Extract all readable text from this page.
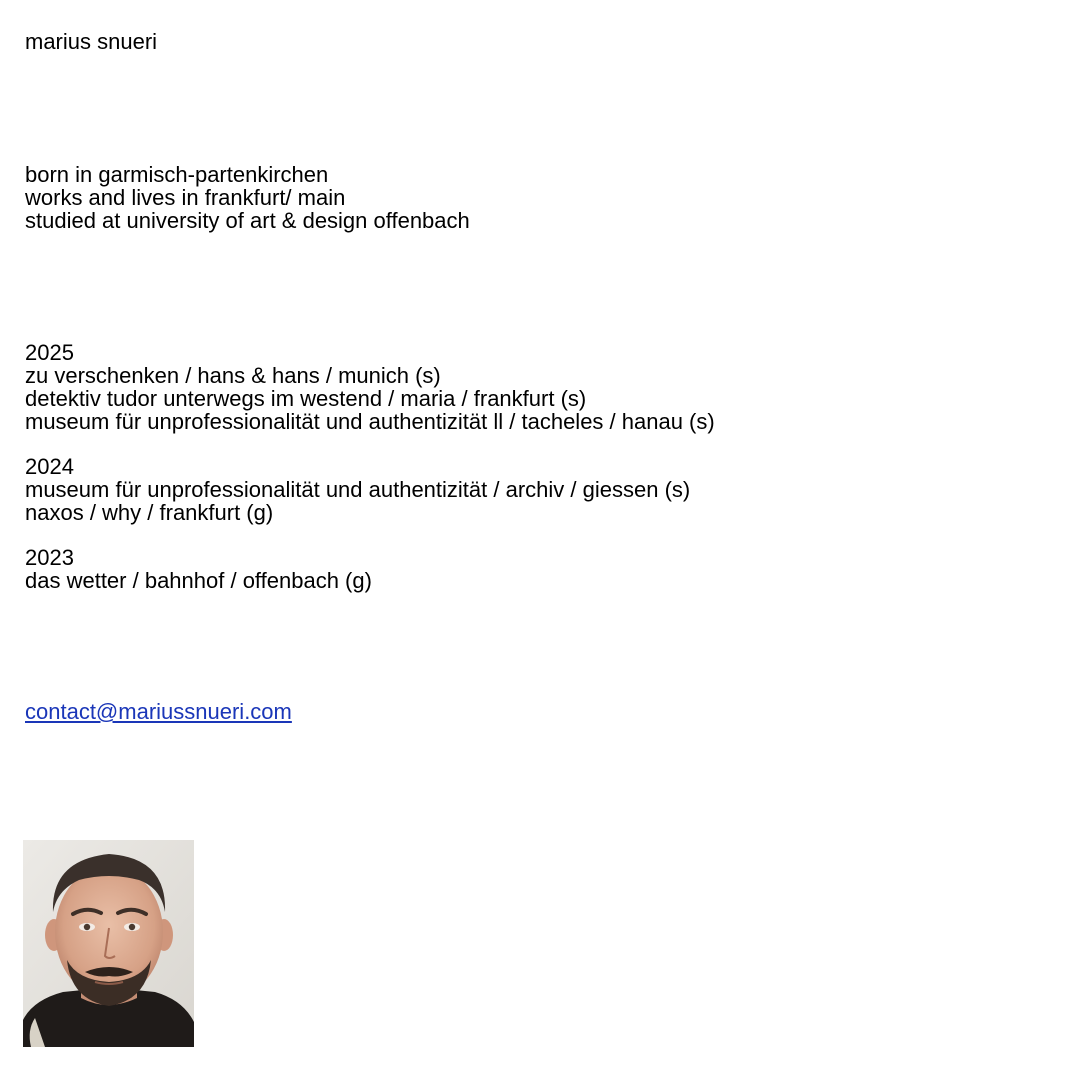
marius snueri
born in garmisch-partenkirchen
works and lives in frankfurt/ main
studied at university of art & design offenbach
2025
zu verschenken / hans & hans / munich (s)
detektiv tudor unterwegs im westend / maria / frankfurt (s)
museum für unprofessionalität und authentizität ll / tacheles / hanau (s)
2024
museum für unprofessionalität und authentizität / archiv / giessen (s)
naxos / why / frankfurt (g)
2023
das wetter / bahnhof / offenbach (g)
contact@mariussnueri.com
